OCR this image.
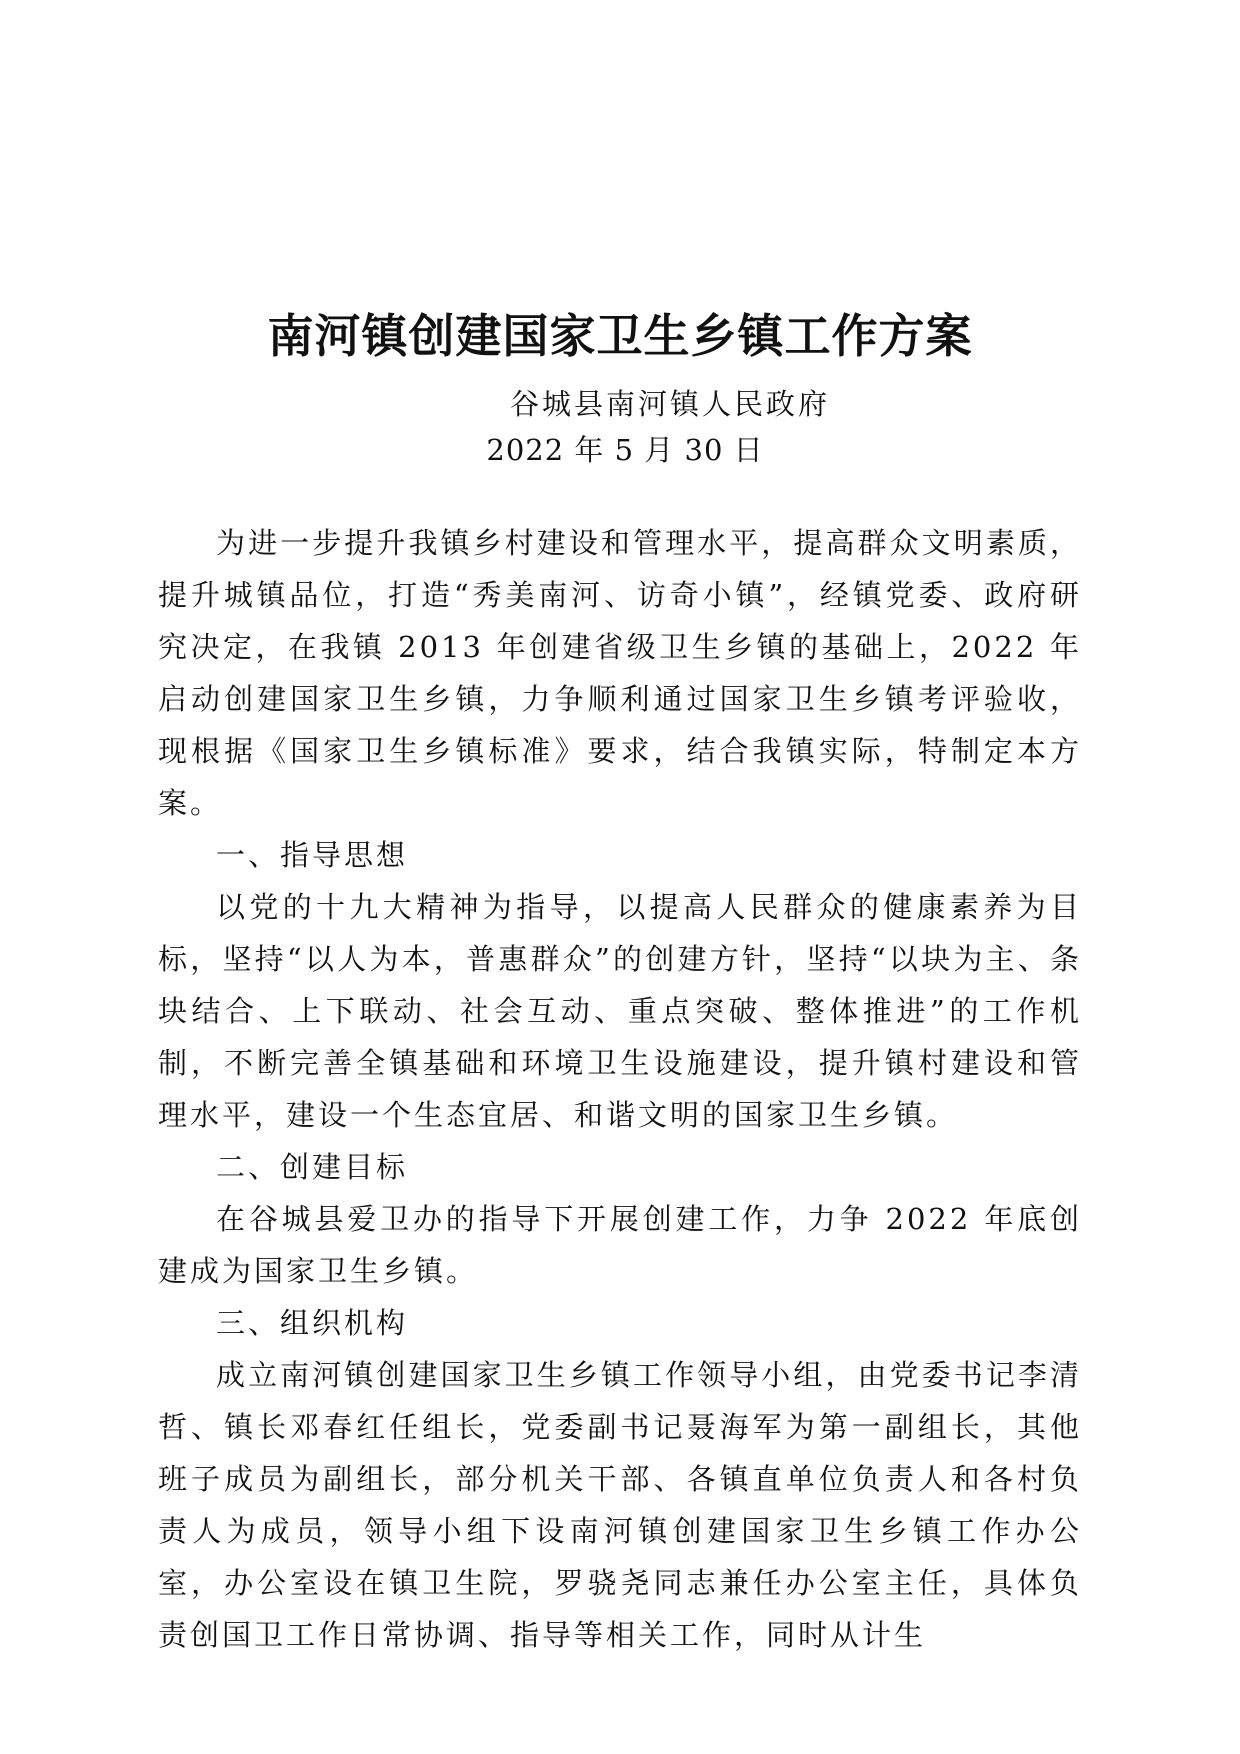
南河镇创建国家卫生乡镇工作方案
谷城县南河镇人民政府
2022 年 5 月 30 日

为进一步提升我镇乡村建设和管理水平，提高群众文明素质，提升城镇品位，打造“秀美南河、访奇小镇”，经镇党委、政府研究决定，在我镇 2013 年创建省级卫生乡镇的基础上，2022 年启动创建国家卫生乡镇，力争顺利通过国家卫生乡镇考评验收，现根据《国家卫生乡镇标准》要求，结合我镇实际，特制定本方案。

一、指导思想

以党的十九大精神为指导，以提高人民群众的健康素养为目标，坚持“以人为本，普惠群众”的创建方针，坚持“以块为主、条块结合、上下联动、社会互动、重点突破、整体推进”的工作机制，不断完善全镇基础和环境卫生设施建设，提升镇村建设和管理水平，建设一个生态宜居、和谐文明的国家卫生乡镇。

二、创建目标

在谷城县爱卫办的指导下开展创建工作，力争 2022 年底创建成为国家卫生乡镇。

三、组织机构

成立南河镇创建国家卫生乡镇工作领导小组，由党委书记李清哲、镇长邓春红任组长，党委副书记聂海军为第一副组长，其他班子成员为副组长，部分机关干部、各镇直单位负责人和各村负责人为成员，领导小组下设南河镇创建国家卫生乡镇工作办公室，办公室设在镇卫生院，罗骁尧同志兼任办公室主任，具体负责创国卫工作日常协调、指导等相关工作，同时从计生
